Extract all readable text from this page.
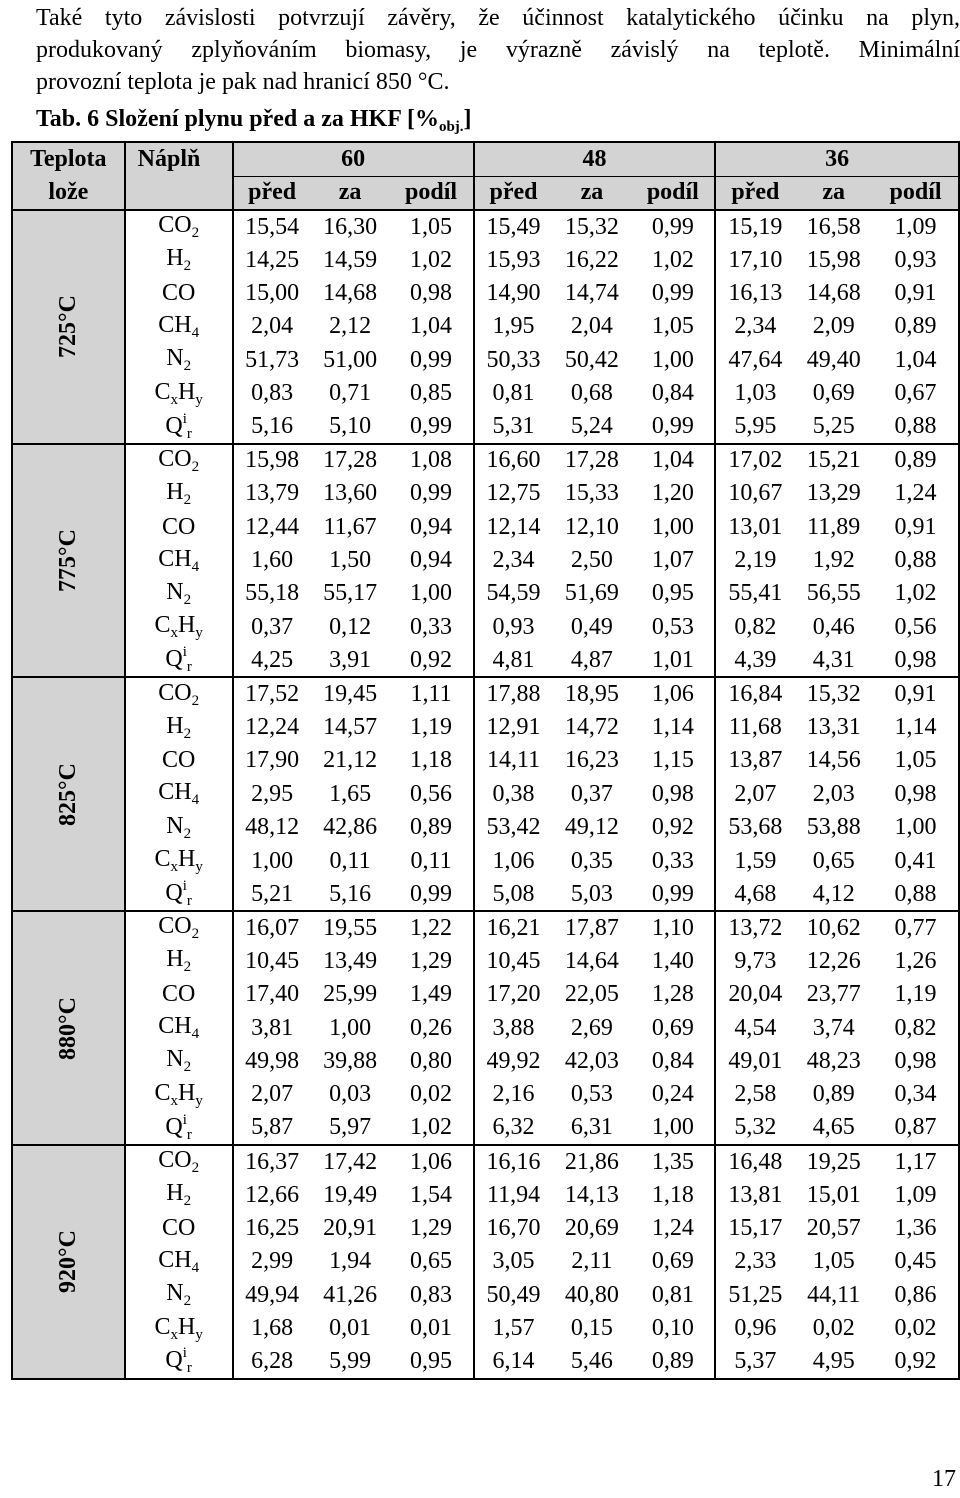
Také tyto závislosti potvrzují závěry, že účinnost katalytického účinku na plyn,
produkovaný zplyňováním biomasy, je výrazně závislý na teplotě. Minimální
provozní teplota je pak nad hranicí 850 °C.

Tab. 6 Složení plynu před a za HKF $[\%_{obj.}]$

Teplota	Náplň	60			48			36		
lože		před	za	podíl	před	za	podíl	před	za	podíl
725°C	$CO_2$	15,54	16,30	1,05	15,49	15,32	0,99	15,19	16,58	1,09
	$H_2$	14,25	14,59	1,02	15,93	16,22	1,02	17,10	15,98	0,93
	CO	15,00	14,68	0,98	14,90	14,74	0,99	16,13	14,68	0,91
	$CH_4$	2,04	2,12	1,04	1,95	2,04	1,05	2,34	2,09	0,89
	$N_2$	51,73	51,00	0,99	50,33	50,42	1,00	47,64	49,40	1,04
	$C_xH_y$	0,83	0,71	0,85	0,81	0,68	0,84	1,03	0,69	0,67
	$Q^i_r$	5,16	5,10	0,99	5,31	5,24	0,99	5,95	5,25	0,88
775°C	$CO_2$	15,98	17,28	1,08	16,60	17,28	1,04	17,02	15,21	0,89
	$H_2$	13,79	13,60	0,99	12,75	15,33	1,20	10,67	13,29	1,24
	CO	12,44	11,67	0,94	12,14	12,10	1,00	13,01	11,89	0,91
	$CH_4$	1,60	1,50	0,94	2,34	2,50	1,07	2,19	1,92	0,88
	$N_2$	55,18	55,17	1,00	54,59	51,69	0,95	55,41	56,55	1,02
	$C_xH_y$	0,37	0,12	0,33	0,93	0,49	0,53	0,82	0,46	0,56
	$Q^i_r$	4,25	3,91	0,92	4,81	4,87	1,01	4,39	4,31	0,98
825°C	$CO_2$	17,52	19,45	1,11	17,88	18,95	1,06	16,84	15,32	0,91
	$H_2$	12,24	14,57	1,19	12,91	14,72	1,14	11,68	13,31	1,14
	CO	17,90	21,12	1,18	14,11	16,23	1,15	13,87	14,56	1,05
	$CH_4$	2,95	1,65	0,56	0,38	0,37	0,98	2,07	2,03	0,98
	$N_2$	48,12	42,86	0,89	53,42	49,12	0,92	53,68	53,88	1,00
	$C_xH_y$	1,00	0,11	0,11	1,06	0,35	0,33	1,59	0,65	0,41
	$Q^i_r$	5,21	5,16	0,99	5,08	5,03	0,99	4,68	4,12	0,88
880°C	$CO_2$	16,07	19,55	1,22	16,21	17,87	1,10	13,72	10,62	0,77
	$H_2$	10,45	13,49	1,29	10,45	14,64	1,40	9,73	12,26	1,26
	CO	17,40	25,99	1,49	17,20	22,05	1,28	20,04	23,77	1,19
	$CH_4$	3,81	1,00	0,26	3,88	2,69	0,69	4,54	3,74	0,82
	$N_2$	49,98	39,88	0,80	49,92	42,03	0,84	49,01	48,23	0,98
	$C_xH_y$	2,07	0,03	0,02	2,16	0,53	0,24	2,58	0,89	0,34
	$Q^i_r$	5,87	5,97	1,02	6,32	6,31	1,00	5,32	4,65	0,87
920°C	$CO_2$	16,37	17,42	1,06	16,16	21,86	1,35	16,48	19,25	1,17
	$H_2$	12,66	19,49	1,54	11,94	14,13	1,18	13,81	15,01	1,09
	CO	16,25	20,91	1,29	16,70	20,69	1,24	15,17	20,57	1,36
	$CH_4$	2,99	1,94	0,65	3,05	2,11	0,69	2,33	1,05	0,45
	$N_2$	49,94	41,26	0,83	50,49	40,80	0,81	51,25	44,11	0,86
	$C_xH_y$	1,68	0,01	0,01	1,57	0,15	0,10	0,96	0,02	0,02
	$Q^i_r$	6,28	5,99	0,95	6,14	5,46	0,89	5,37	4,95	0,92

17
